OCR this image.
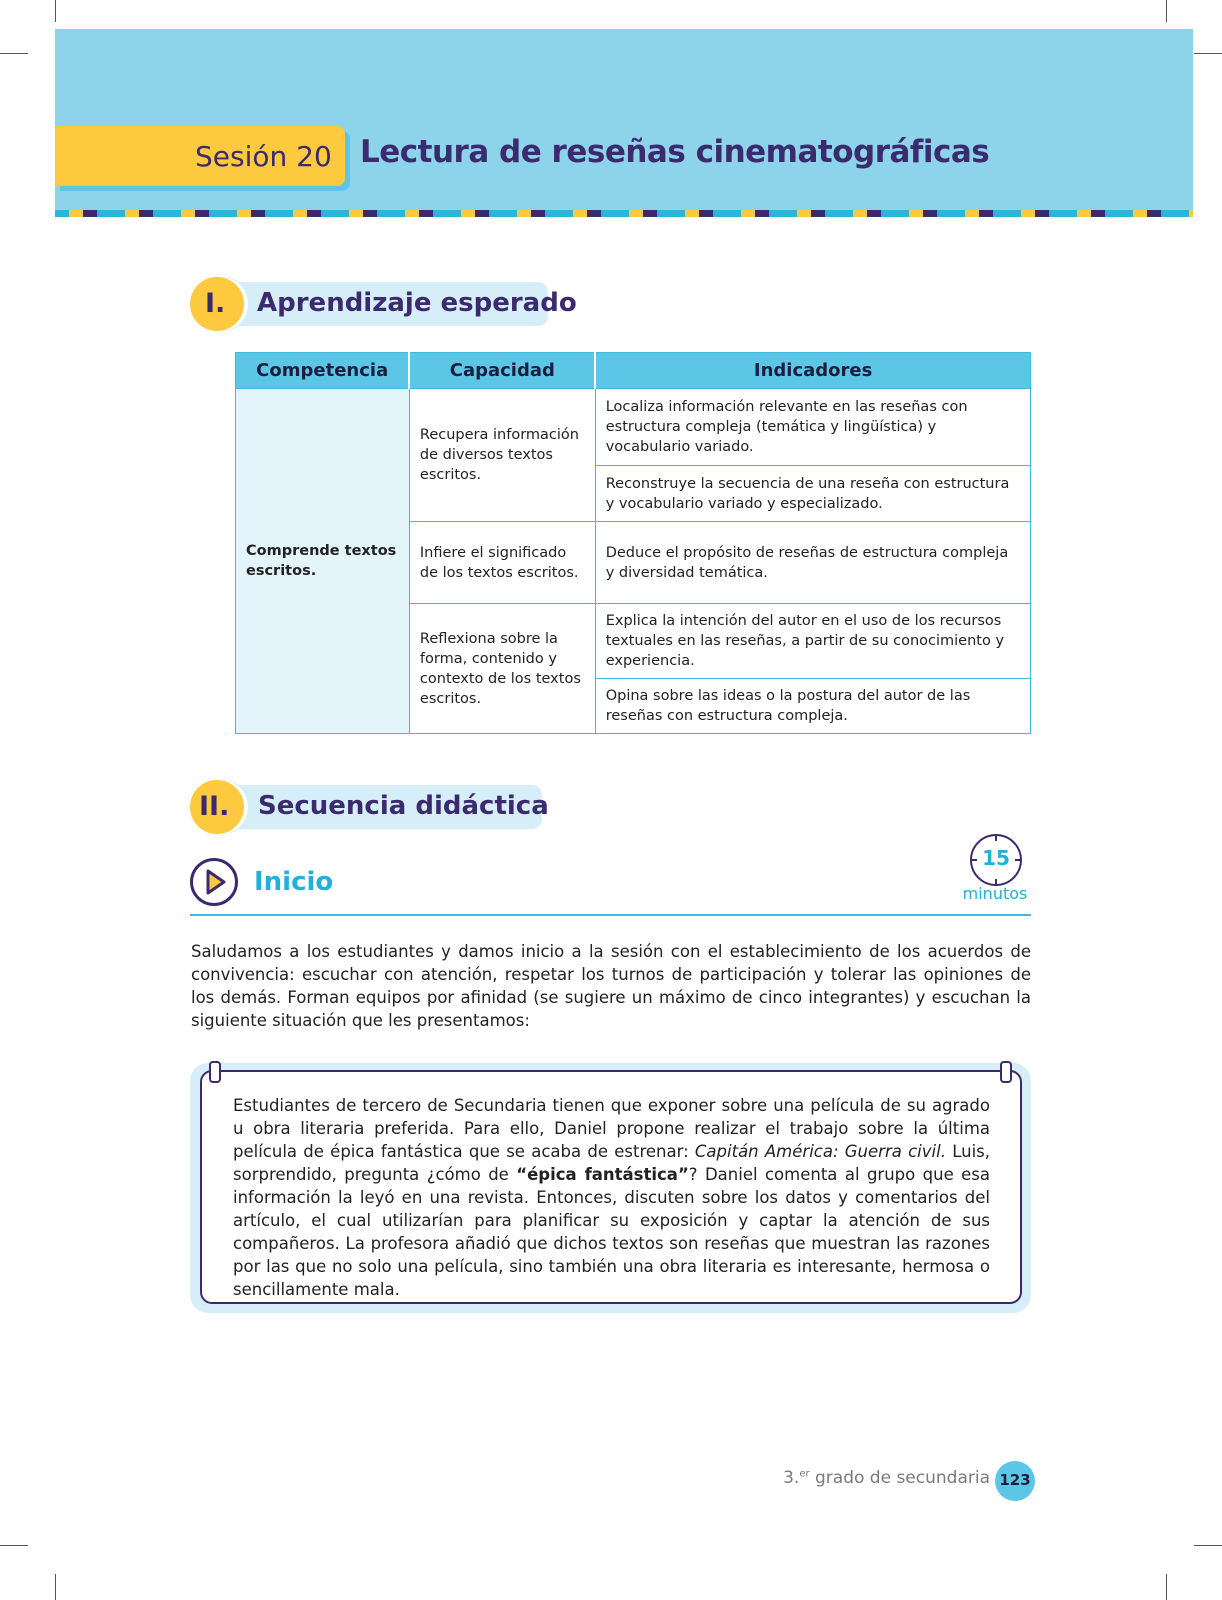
Sesión 20 Lectura de reseñas cinematográficas
I. Aprendizaje esperado
Competencia	Capacidad	Indicadores
Comprende textos escritos.	Recupera información de diversos textos escritos.	Localiza información relevante en las reseñas con estructura compleja (temática y lingüística) y vocabulario variado.
		Reconstruye la secuencia de una reseña con estructura y vocabulario variado y especializado.
	Infiere el significado de los textos escritos.	Deduce el propósito de reseñas de estructura compleja y diversidad temática.
	Reflexiona sobre la forma, contenido y contexto de los textos escritos.	Explica la intención del autor en el uso de los recursos textuales en las reseñas, a partir de su conocimiento y experiencia.
		Opina sobre las ideas o la postura del autor de las reseñas con estructura compleja.
II. Secuencia didáctica
Inicio
15
minutos

Saludamos a los estudiantes y damos inicio a la sesión con el establecimiento de los acuerdos de convivencia: escuchar con atención, respetar los turnos de participación y tolerar las opiniones de los demás. Forman equipos por afinidad (se sugiere un máximo de cinco integrantes) y escuchan la siguiente situación que les presentamos:

Estudiantes de tercero de Secundaria tienen que exponer sobre una película de su agrado u obra literaria preferida. Para ello, Daniel propone realizar el trabajo sobre la última película de épica fantástica que se acaba de estrenar: Capitán América: Guerra civil. Luis, sorprendido, pregunta ¿cómo de “épica fantástica”? Daniel comenta al grupo que esa información la leyó en una revista. Entonces, discuten sobre los datos y comentarios del artículo, el cual utilizarían para planificar su exposición y captar la atención de sus compañeros. La profesora añadió que dichos textos son reseñas que muestran las razones por las que no solo una película, sino también una obra literaria es interesante, hermosa o sencillamente mala.

3.$^{er}$ grado de secundaria 123
